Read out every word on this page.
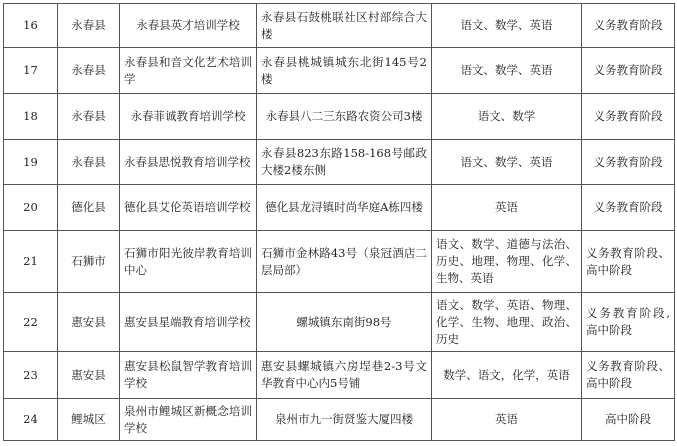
16	永春县	永春县英才培训学校	永春县石鼓桃联社区村部综合大楼	语文、数学、英语	义务教育阶段
17	永春县	永春县和音文化艺术培训学	永春县桃城镇城东北街145号2楼	语文、数学、英语	义务教育阶段
18	永春县	永春菲诚教育培训学校	永春县八二三东路农资公司3楼	语文、数学	义务教育阶段
19	永春县	永春县思悦教育培训学校	永春县823东路158-168号邮政大楼2楼东侧	语文、数学、英语	义务教育阶段
20	德化县	德化县艾伦英语培训学校	德化县龙浔镇时尚华庭A栋四楼	英语	义务教育阶段
21	石狮市	石狮市阳光彼岸教育培训中心	石狮市金林路43号（泉冠酒店二层局部）	语文、数学、道德与法治、历史、地理、物理、化学、生物、英语	义务教育阶段、高中阶段
22	惠安县	惠安县星端教育培训学校	螺城镇东南街98号	语文、数学、英语、物理、化学、生物、地理、政治、历史	义务教育阶段,高中阶段
23	惠安县	惠安县松鼠智学教育培训学校	惠安县螺城镇六房埕巷2-3号文华教育中心内5号铺	数学、语文，化学，英语	义务教育阶段、高中阶段
24	鲤城区	泉州市鲤城区新概念培训学校	泉州市九一街贤鉴大厦四楼	英语	高中阶段
